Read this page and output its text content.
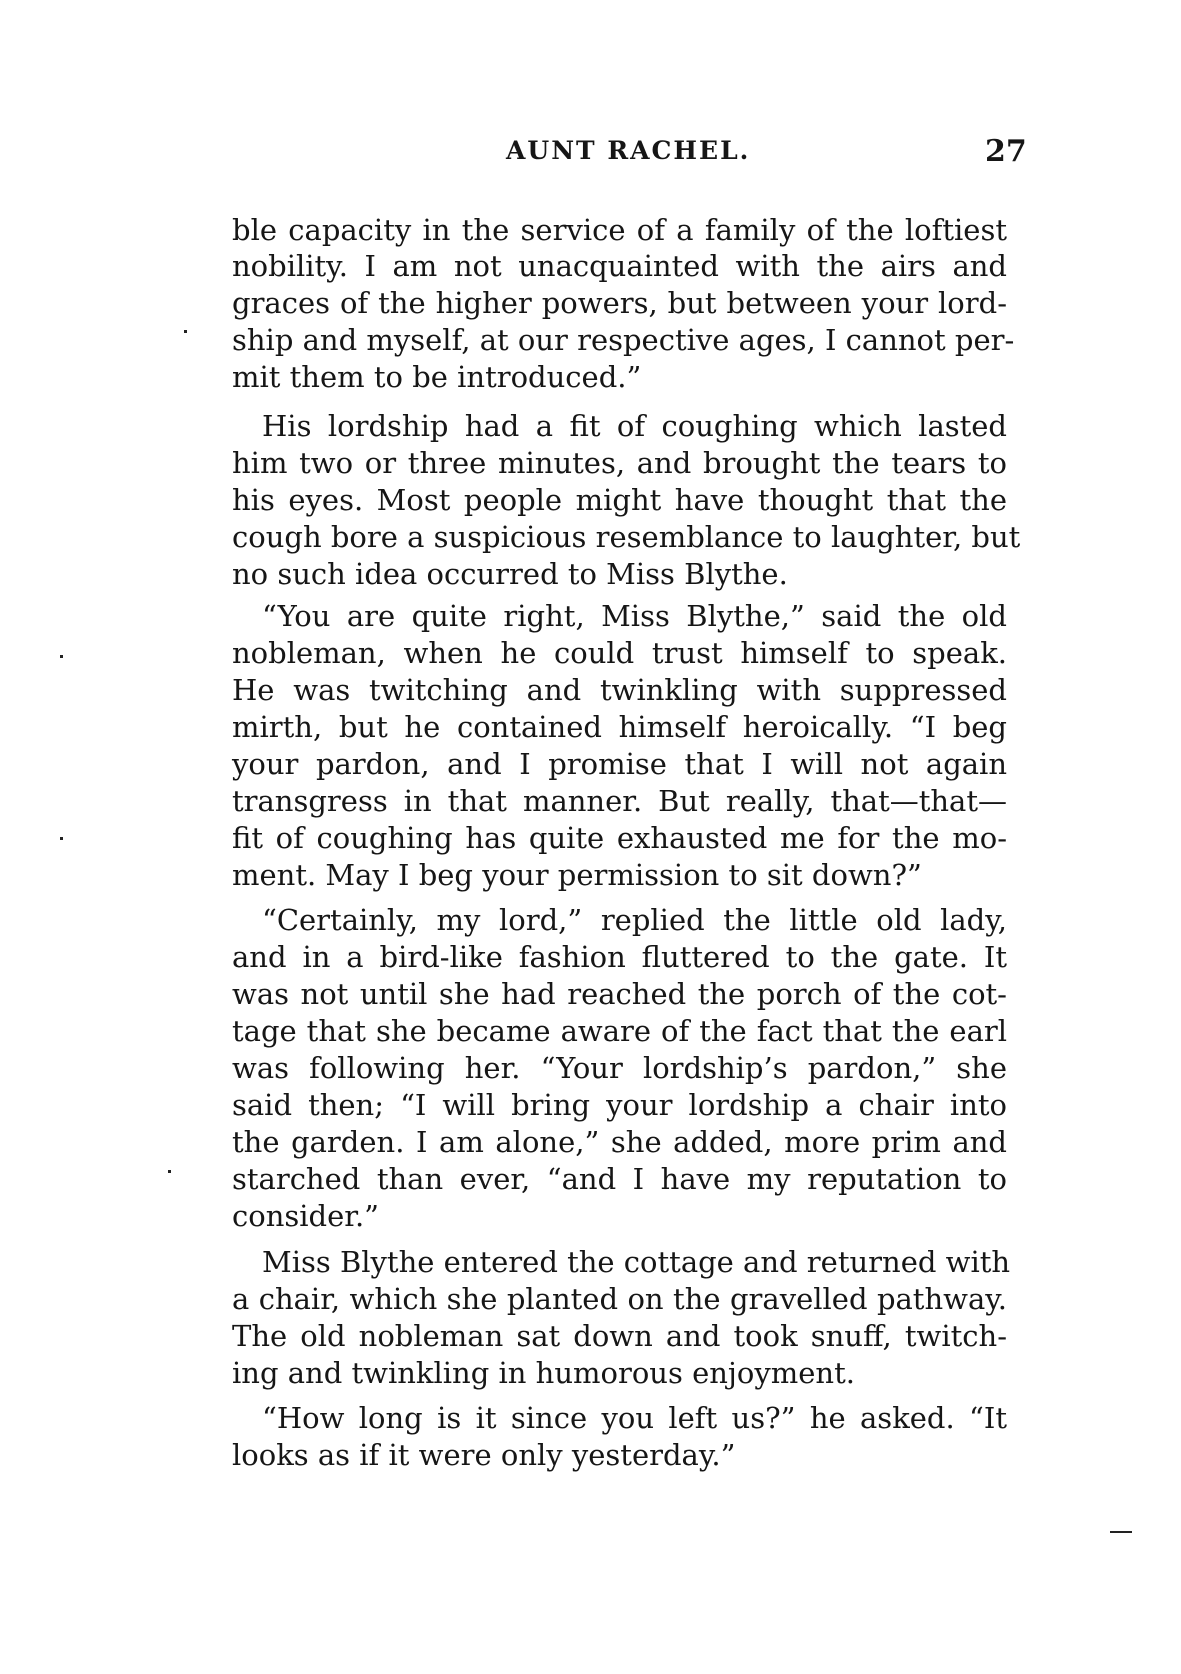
AUNT RACHEL.	27
ble capacity in the service of a family of the loftiest
nobility. I am not unacquainted with the airs and
graces of the higher powers, but between your lord-
ship and myself, at our respective ages, I cannot per-
mit them to be introduced.”
His lordship had a fit of coughing which lasted
him two or three minutes, and brought the tears to
his eyes. Most people might have thought that the
cough bore a suspicious resemblance to laughter, but
no such idea occurred to Miss Blythe.
“You are quite right, Miss Blythe,” said the old
nobleman, when he could trust himself to speak.
He was twitching and twinkling with suppressed
mirth, but he contained himself heroically. “I beg
your pardon, and I promise that I will not again
transgress in that manner. But really, that—that—
fit of coughing has quite exhausted me for the mo-
ment. May I beg your permission to sit down?”
“Certainly, my lord,” replied the little old lady,
and in a bird-like fashion fluttered to the gate. It
was not until she had reached the porch of the cot-
tage that she became aware of the fact that the earl
was following her. “Your lordship’s pardon,” she
said then; “I will bring your lordship a chair into
the garden. I am alone,” she added, more prim and
starched than ever, “and I have my reputation to
consider.”
Miss Blythe entered the cottage and returned with
a chair, which she planted on the gravelled pathway.
The old nobleman sat down and took snuff, twitch-
ing and twinkling in humorous enjoyment.
“How long is it since you left us?” he asked. “It
looks as if it were only yesterday.”
